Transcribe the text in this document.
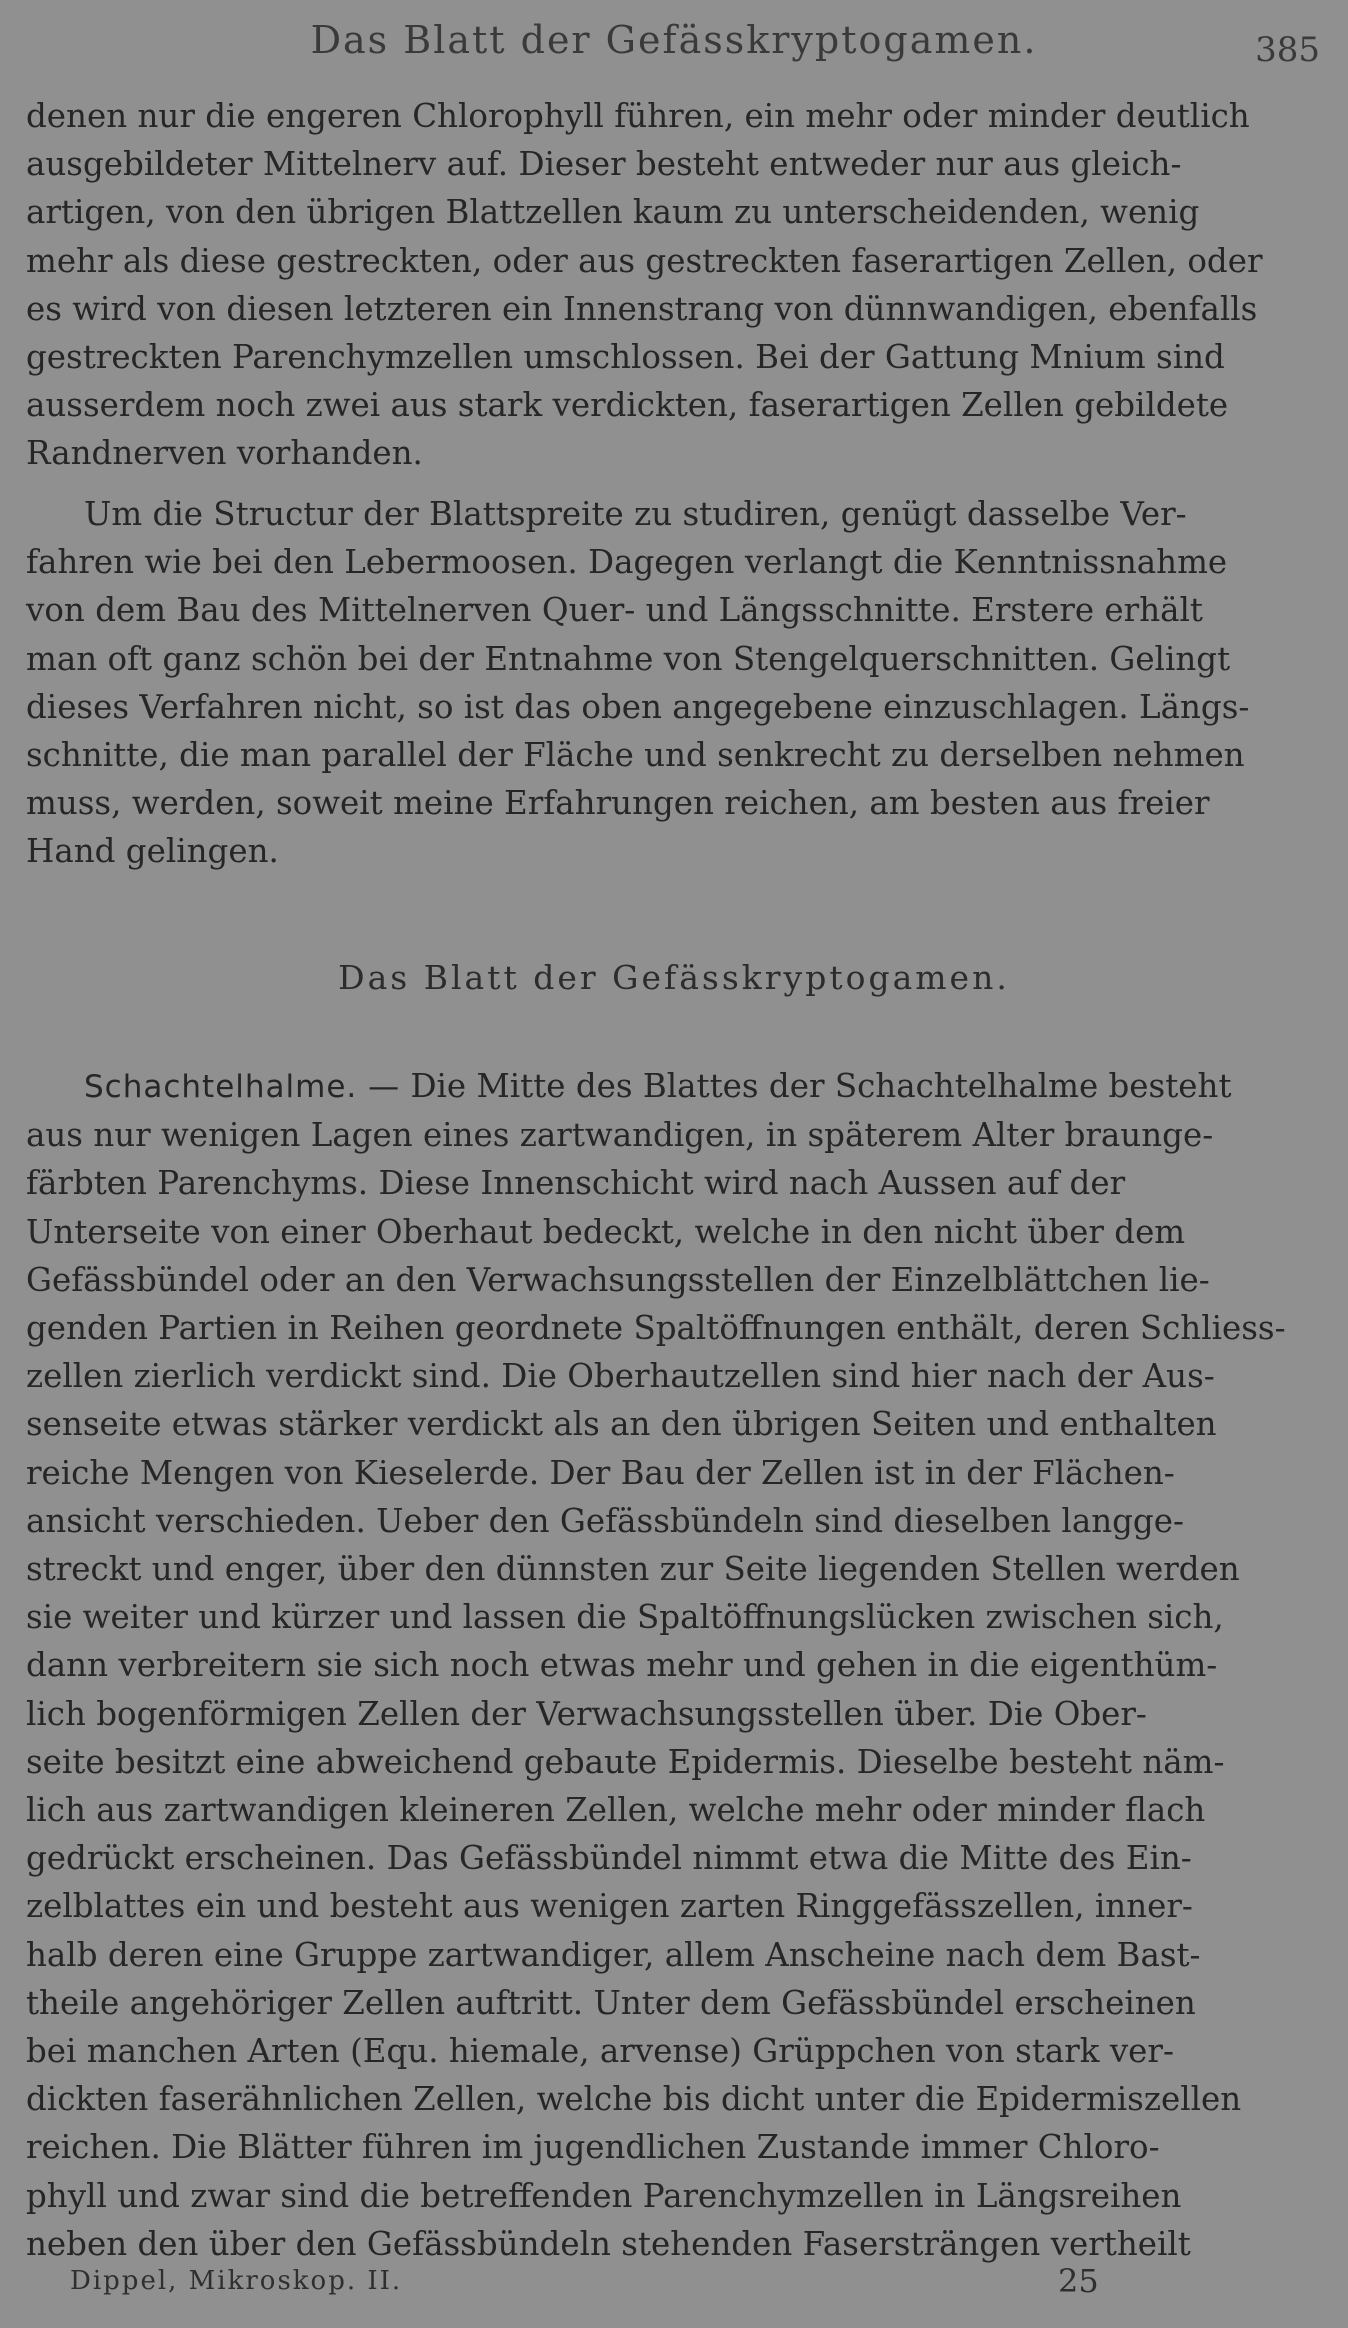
Das Blatt der Gefässkryptogamen.	385
denen nur die engeren Chlorophyll führen, ein mehr oder minder deutlich
ausgebildeter Mittelnerv auf. Dieser besteht entweder nur aus gleich-
artigen, von den übrigen Blattzellen kaum zu unterscheidenden, wenig
mehr als diese gestreckten, oder aus gestreckten faserartigen Zellen, oder
es wird von diesen letzteren ein Innenstrang von dünnwandigen, ebenfalls
gestreckten Parenchymzellen umschlossen. Bei der Gattung Mnium sind
ausserdem noch zwei aus stark verdickten, faserartigen Zellen gebildete
Randnerven vorhanden.
Um die Structur der Blattspreite zu studiren, genügt dasselbe Ver-
fahren wie bei den Lebermoosen. Dagegen verlangt die Kenntnissnahme
von dem Bau des Mittelnerven Quer- und Längsschnitte. Erstere erhält
man oft ganz schön bei der Entnahme von Stengelquerschnitten. Gelingt
dieses Verfahren nicht, so ist das oben angegebene einzuschlagen. Längs-
schnitte, die man parallel der Fläche und senkrecht zu derselben nehmen
muss, werden, soweit meine Erfahrungen reichen, am besten aus freier
Hand gelingen.
Das Blatt der Gefässkryptogamen.
Schachtelhalme. — Die Mitte des Blattes der Schachtelhalme besteht
aus nur wenigen Lagen eines zartwandigen, in späterem Alter braunge-
färbten Parenchyms. Diese Innenschicht wird nach Aussen auf der
Unterseite von einer Oberhaut bedeckt, welche in den nicht über dem
Gefässbündel oder an den Verwachsungsstellen der Einzelblättchen lie-
genden Partien in Reihen geordnete Spaltöffnungen enthält, deren Schliess-
zellen zierlich verdickt sind. Die Oberhautzellen sind hier nach der Aus-
senseite etwas stärker verdickt als an den übrigen Seiten und enthalten
reiche Mengen von Kieselerde. Der Bau der Zellen ist in der Flächen-
ansicht verschieden. Ueber den Gefässbündeln sind dieselben langge-
streckt und enger, über den dünnsten zur Seite liegenden Stellen werden
sie weiter und kürzer und lassen die Spaltöffnungslücken zwischen sich,
dann verbreitern sie sich noch etwas mehr und gehen in die eigenthüm-
lich bogenförmigen Zellen der Verwachsungsstellen über. Die Ober-
seite besitzt eine abweichend gebaute Epidermis. Dieselbe besteht näm-
lich aus zartwandigen kleineren Zellen, welche mehr oder minder flach
gedrückt erscheinen. Das Gefässbündel nimmt etwa die Mitte des Ein-
zelblattes ein und besteht aus wenigen zarten Ringgefässzellen, inner-
halb deren eine Gruppe zartwandiger, allem Anscheine nach dem Bast-
theile angehöriger Zellen auftritt. Unter dem Gefässbündel erscheinen
bei manchen Arten (Equ. hiemale, arvense) Grüppchen von stark ver-
dickten faserähnlichen Zellen, welche bis dicht unter die Epidermiszellen
reichen. Die Blätter führen im jugendlichen Zustande immer Chloro-
phyll und zwar sind die betreffenden Parenchymzellen in Längsreihen
neben den über den Gefässbündeln stehenden Fasersträngen vertheilt
Dippel, Mikroskop. II.	25
